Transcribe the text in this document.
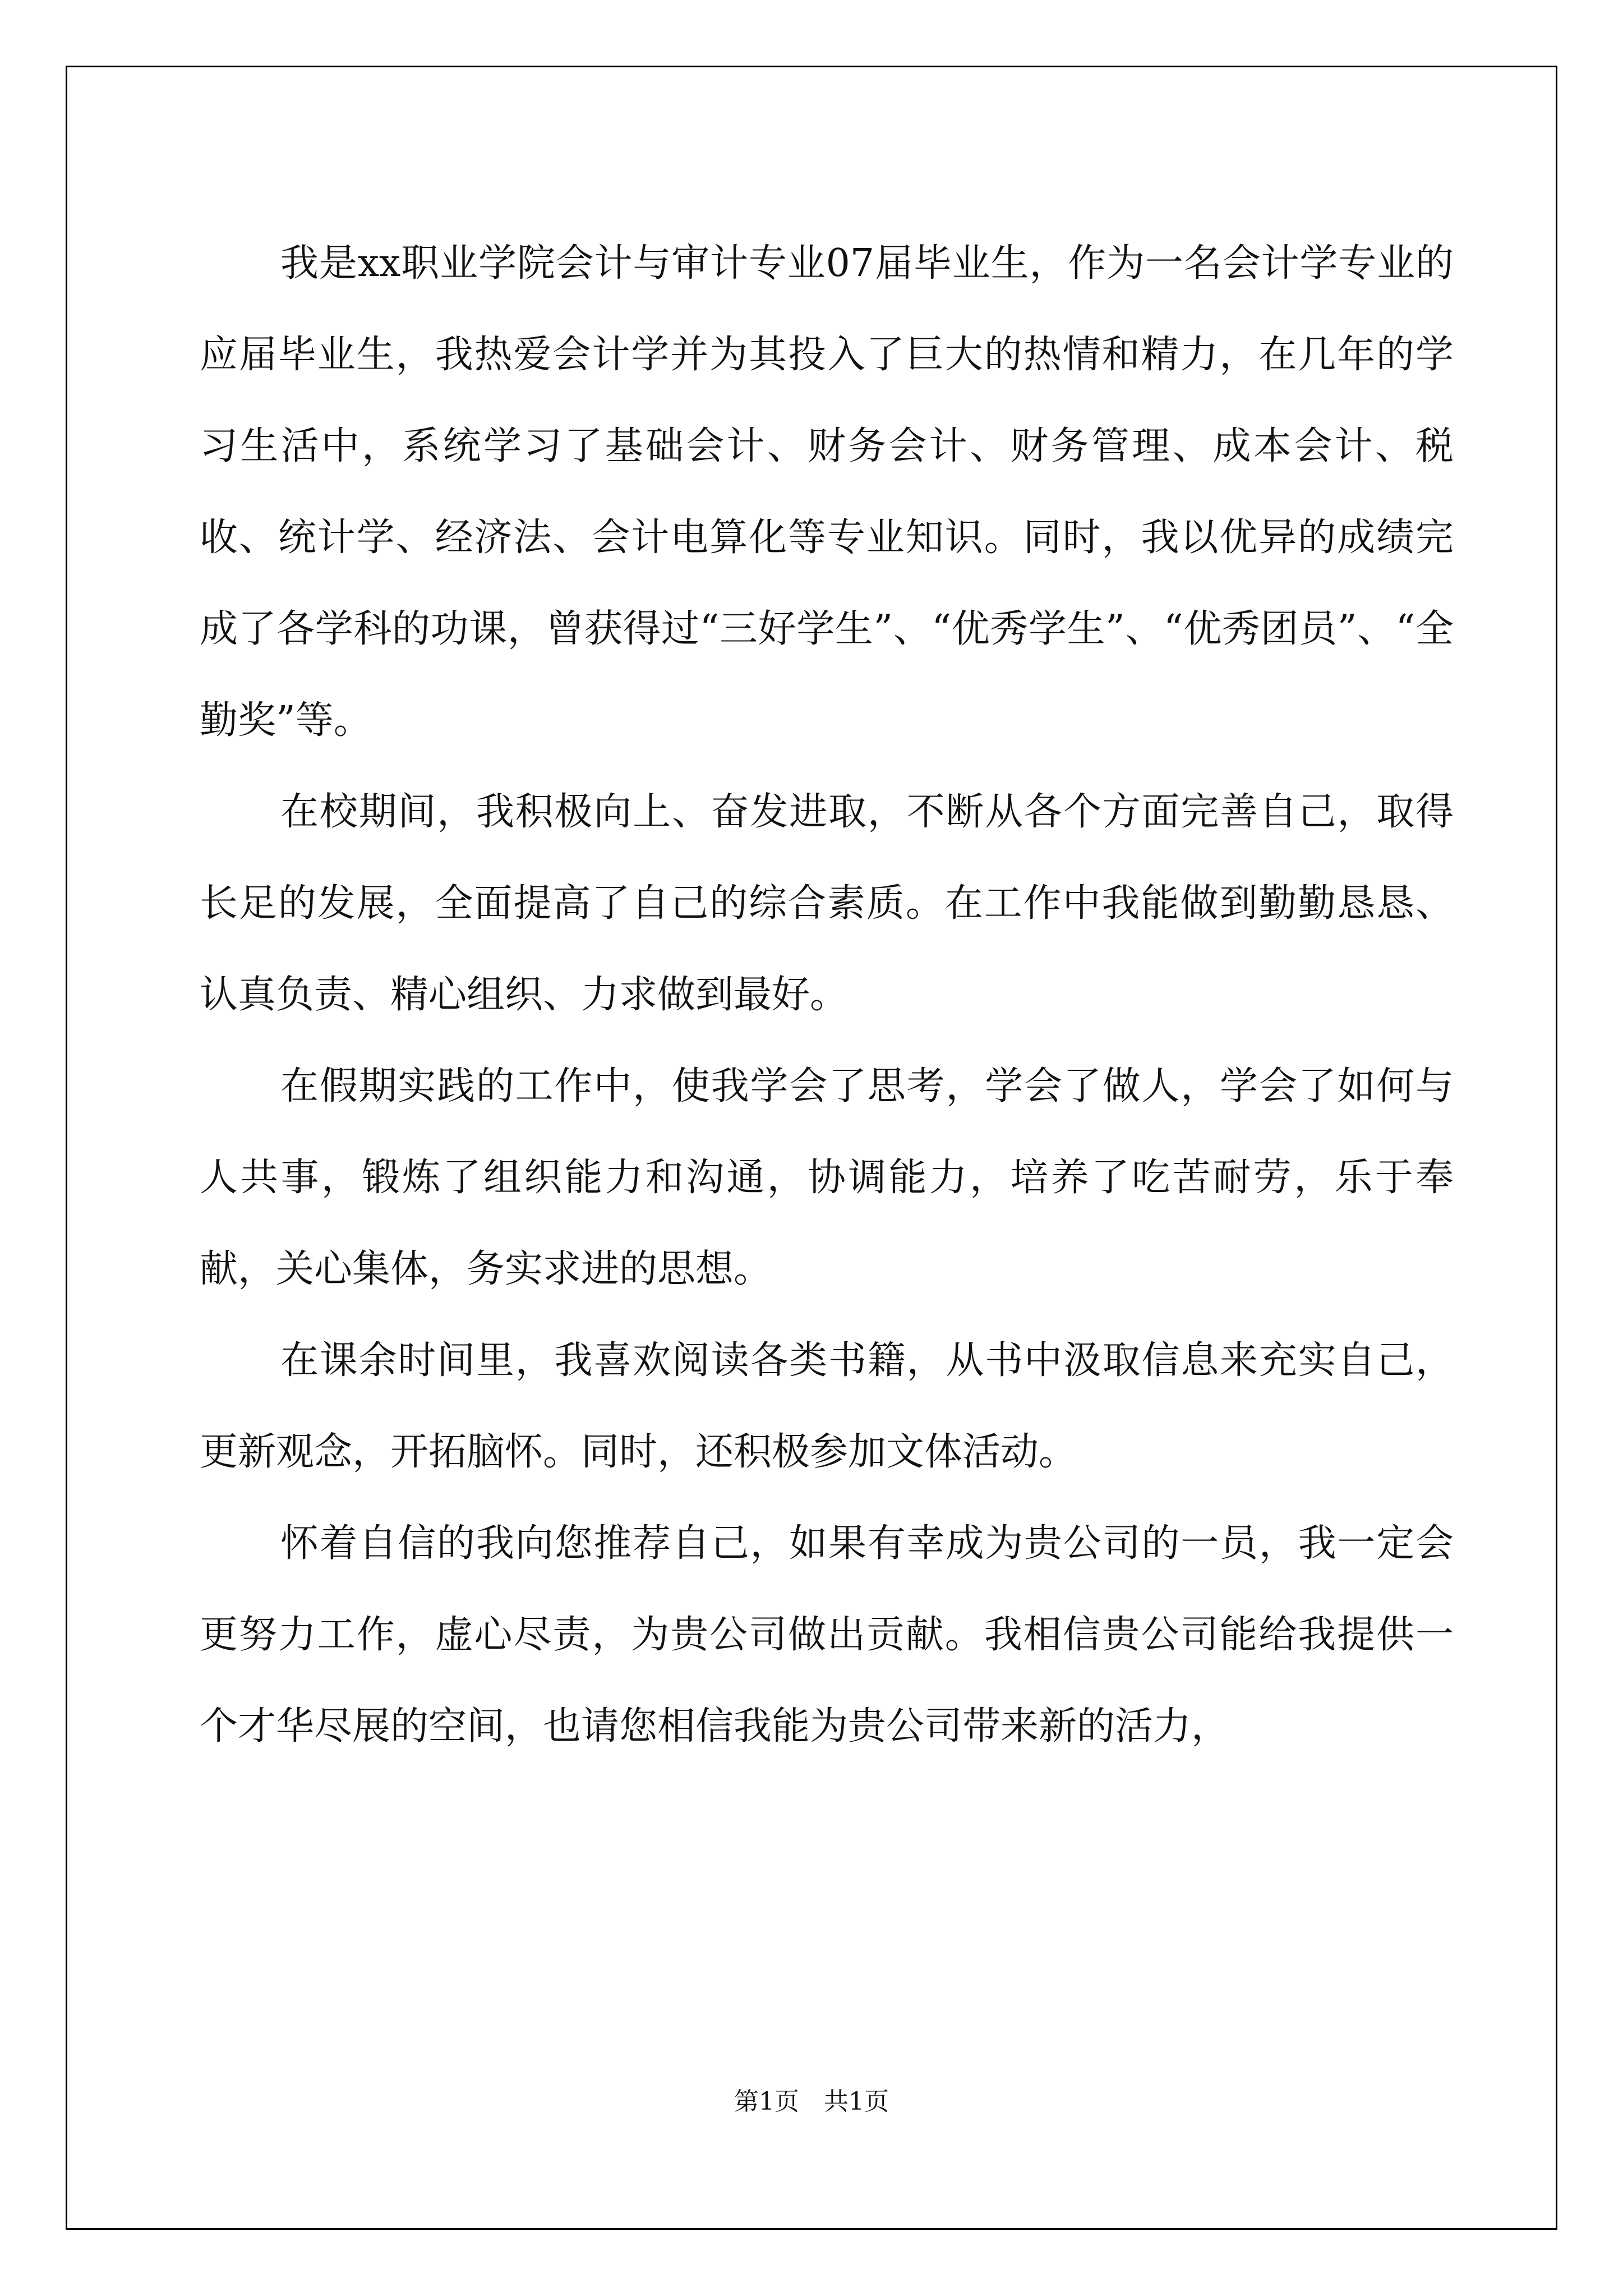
我是xx职业学院会计与审计专业07届毕业生，作为一名会计学专业的应届毕业生，我热爱会计学并为其投入了巨大的热情和精力，在几年的学习生活中，系统学习了基础会计、财务会计、财务管理、成本会计、税收、统计学、经济法、会计电算化等专业知识。同时，我以优异的成绩完成了各学科的功课，曾获得过“三好学生”、“优秀学生”、“优秀团员”、“全勤奖”等。

在校期间，我积极向上、奋发进取，不断从各个方面完善自己，取得长足的发展，全面提高了自己的综合素质。在工作中我能做到勤勤恳恳、认真负责、精心组织、力求做到最好。

在假期实践的工作中，使我学会了思考，学会了做人，学会了如何与人共事，锻炼了组织能力和沟通，协调能力，培养了吃苦耐劳，乐于奉献，关心集体，务实求进的思想。

在课余时间里，我喜欢阅读各类书籍，从书中汲取信息来充实自己，更新观念，开拓脑怀。同时，还积极参加文体活动。

怀着自信的我向您推荐自己，如果有幸成为贵公司的一员，我一定会更努力工作，虚心尽责，为贵公司做出贡献。我相信贵公司能给我提供一个才华尽展的空间，也请您相信我能为贵公司带来新的活力，

第1页 共1页
